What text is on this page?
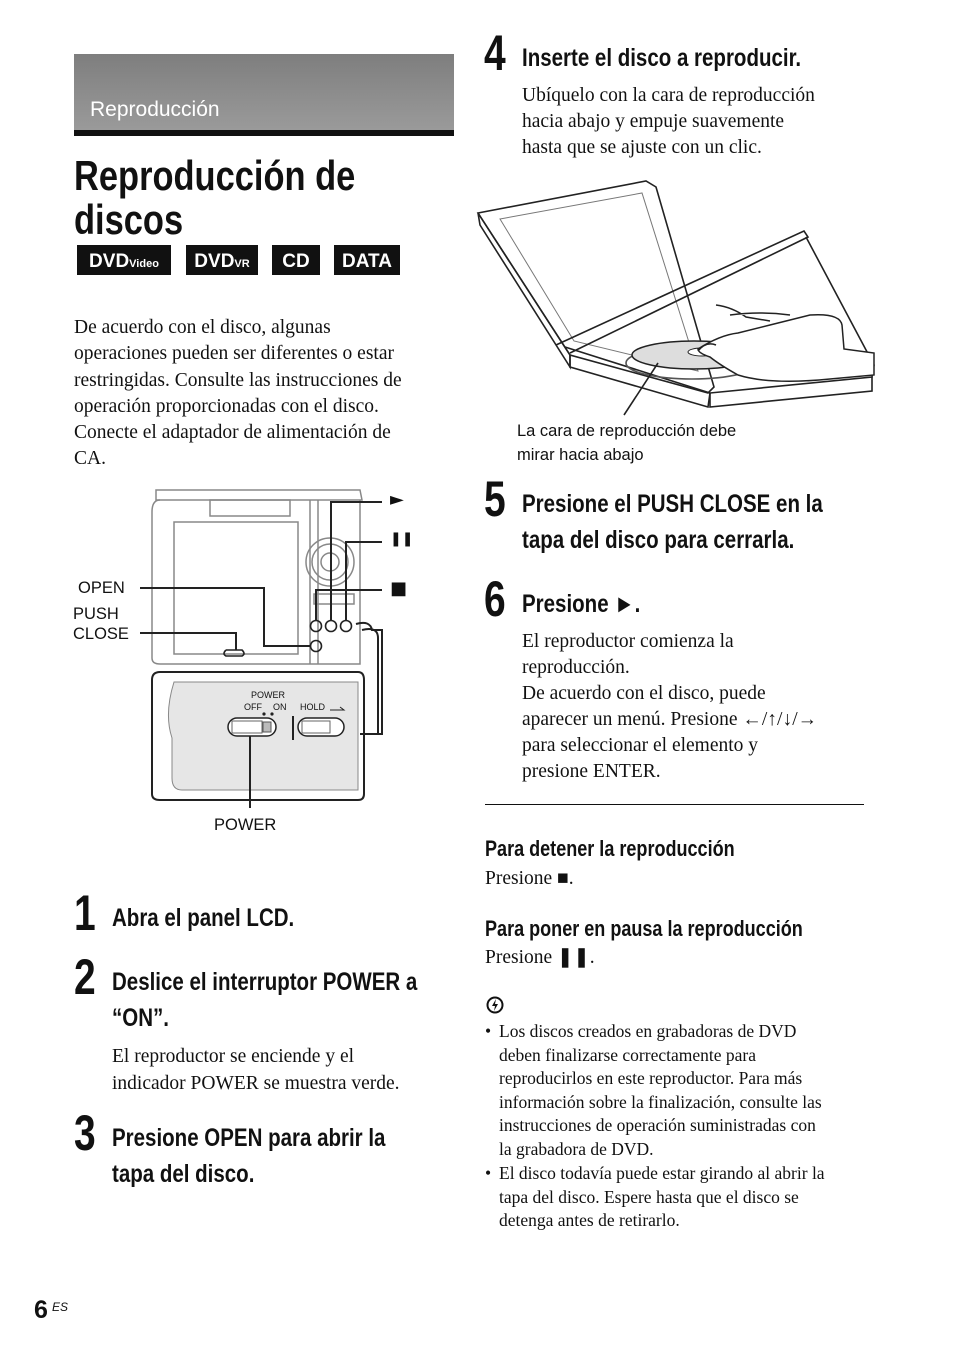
Reproducción
Reproducción de
discos
DVDVideo	DVDVR	CD	DATA
De acuerdo con el disco, algunas
operaciones pueden ser diferentes o estar
restringidas. Consulte las instrucciones de
operación proporcionadas con el disco.
Conecte el adaptador de alimentación de
CA.
►
❚❚
■
OPEN
PUSH
CLOSE
POWER
OFF ON HOLD
POWER
1 Abra el panel LCD.
2 Deslice el interruptor POWER a
“ON”.
El reproductor se enciende y el
indicador POWER se muestra verde.
3 Presione OPEN para abrir la
tapa del disco.
4 Inserte el disco a reproducir.
Ubíquelo con la cara de reproducción
hacia abajo y empuje suavemente
hasta que se ajuste con un clic.
La cara de reproducción debe
mirar hacia abajo
5 Presione el PUSH CLOSE en la
tapa del disco para cerrarla.
6 Presione ►.
El reproductor comienza la
reproducción.
De acuerdo con el disco, puede
aparecer un menú. Presione ←/↑/↓/→
para seleccionar el elemento y
presione ENTER.
Para detener la reproducción
Presione ■.
Para poner en pausa la reproducción
Presione ❚❚.
• Los discos creados en grabadoras de DVD
deben finalizarse correctamente para
reproducirlos en este reproductor. Para más
información sobre la finalización, consulte las
instrucciones de operación suministradas con
la grabadora de DVD.
• El disco todavía puede estar girando al abrir la
tapa del disco. Espere hasta que el disco se
detenga antes de retirarlo.
6 ES
